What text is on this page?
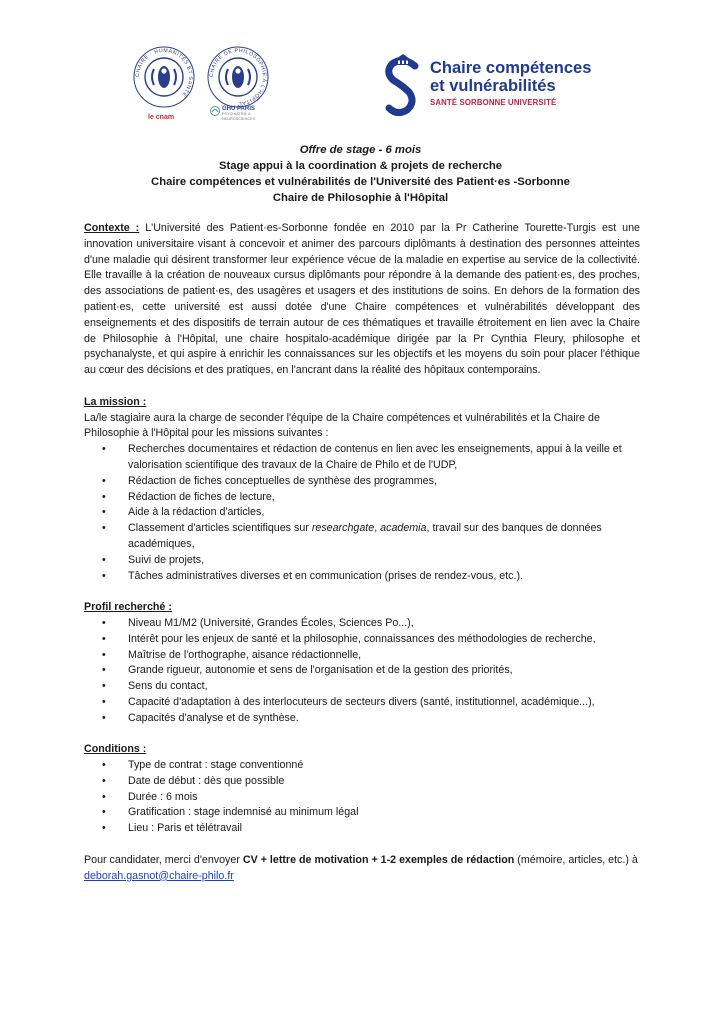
CHAIRE · HUMANITÉS ET SANTÉ
CHAIRE DE PHILOSOPHIE À L'HÔPITAL
le cnam
GHU PARIS
PSYCHIATRIE &
NEUROSCIENCES
Chaire compétences
et vulnérabilités
SANTÉ SORBONNE UNIVERSITÉ
Offre de stage - 6 mois
Stage appui à la coordination & projets de recherche
Chaire compétences et vulnérabilités de l'Université des Patient·es -Sorbonne
Chaire de Philosophie à l'Hôpital

Contexte : L'Université des Patient·es-Sorbonne fondée en 2010 par la Pr Catherine Tourette-Turgis est une innovation universitaire visant à concevoir et animer des parcours diplômants à destination des personnes atteintes d'une maladie qui désirent transformer leur expérience vécue de la maladie en expertise au service de la collectivité. Elle travaille à la création de nouveaux cursus diplômants pour répondre à la demande des patient·es, des proches, des associations de patient·es, des usagères et usagers et des institutions de soins. En dehors de la formation des patient·es, cette université est aussi dotée d'une Chaire compétences et vulnérabilités développant des enseignements et des dispositifs de terrain autour de ces thématiques et travaille étroitement en lien avec la Chaire de Philosophie à l'Hôpital, une chaire hospitalo-académique dirigée par la Pr Cynthia Fleury, philosophe et psychanalyste, et qui aspire à enrichir les connaissances sur les objectifs et les moyens du soin pour placer l'éthique au cœur des décisions et des pratiques, en l'ancrant dans la réalité des hôpitaux contemporains.

La mission :
La/le stagiaire aura la charge de seconder l'équipe de la Chaire compétences et vulnérabilités et la Chaire de Philosophie à l'Hôpital pour les missions suivantes :
• Recherches documentaires et rédaction de contenus en lien avec les enseignements, appui à la veille et valorisation scientifique des travaux de la Chaire de Philo et de l'UDP,
• Rédaction de fiches conceptuelles de synthèse des programmes,
• Rédaction de fiches de lecture,
• Aide à la rédaction d'articles,
• Classement d'articles scientifiques sur researchgate, academia, travail sur des banques de données académiques,
• Suivi de projets,
• Tâches administratives diverses et en communication (prises de rendez-vous, etc.).
Profil recherché :
• Niveau M1/M2 (Université, Grandes Écoles, Sciences Po...),
• Intérêt pour les enjeux de santé et la philosophie, connaissances des méthodologies de recherche,
• Maîtrise de l'orthographe, aisance rédactionnelle,
• Grande rigueur, autonomie et sens de l'organisation et de la gestion des priorités,
• Sens du contact,
• Capacité d'adaptation à des interlocuteurs de secteurs divers (santé, institutionnel, académique...),
• Capacités d'analyse et de synthèse.
Conditions :
• Type de contrat : stage conventionné
• Date de début : dès que possible
• Durée : 6 mois
• Gratification : stage indemnisé au minimum légal
• Lieu : Paris et télétravail

Pour candidater, merci d'envoyer CV + lettre de motivation + 1-2 exemples de rédaction (mémoire, articles, etc.) à deborah.gasnot@chaire-philo.fr
